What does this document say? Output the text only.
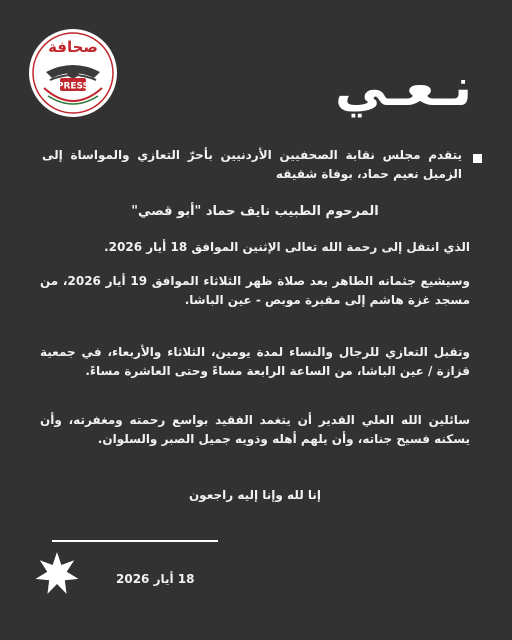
صحافة
PRESS	نـعـي
يتقدم مجلس نقابة الصحفيين الأردنيين بأحرّ التعازي والمواساة إلى الزميل نعيم حماد، بوفاة شقيقه
المرحوم الطبيب نايف حماد "أبو قصي"
الذي انتقل إلى رحمة الله تعالى الإثنين الموافق 18 أيار 2026.
وسيشيع جثمانه الطاهر بعد صلاة ظهر الثلاثاء الموافق 19 أيار 2026، من مسجد غزة هاشم إلى مقبرة موبص - عين الباشا.
وتقبل التعازي للرجال والنساء لمدة يومين، الثلاثاء والأربعاء، في جمعية قزازة / عين الباشا، من الساعة الرابعة مساءً وحتى العاشرة مساءً.
سائلين الله العلي القدير أن يتغمد الفقيد بواسع رحمته ومغفرته، وأن يسكنه فسيح جناته، وأن يلهم أهله وذويه جميل الصبر والسلوان.
إنا لله وإنا إليه راجعون
18 أيار 2026
